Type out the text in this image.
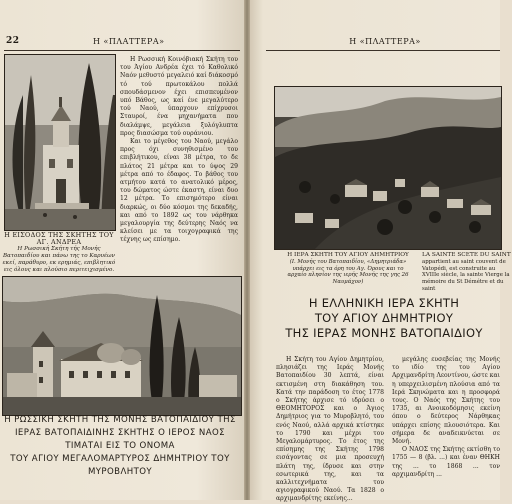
22	Η «ΠΛΑΤΤΕΡΑ»
Η ΕΙΣΟΔΟΣ ΤΗΣ ΣΚΗΤΗΣ ΤΟΥ ΑΓ. ΑΝΔΡΕΑ
Η Ρωσσική Σκήτη τής Μονής Βατοπαιδίου και πάνω της το Καρυέων εκεί, παράθυρο, εκ ερημιάς, επιβλητικό εις όλους και πλούσιο περιτειχισμένο.

Η Ρωσσική Κοινόβιακή Σκήτη του του Άγίου Ανδρέα έχει τό Καθολικό Ναόν μεθυστό μεγαλειό καί διάκοσμό τό τού πρωτοκάλου πολλά σπουδάσμενον έχει επισπευμένον υπό Βάθος, ως καί ένε μεγαλύτερο τού Ναού, ύπαρχουν επίχρυσοι Σταυροί, ένα μηχανήματα που διαλάμψε, μεγάλεια ξυλόγλυπτα προς διασώσμα τού ουράνιου.

Και το μέγεθος του Ναού, μεγάλο προς όχι συνηθισμένο του επιβλήτικου, είναι 38 μέτρα, το δε πλάτος 21 μέτρα και το ύψος 29 μέτρα από το έδαφος. Το βάθος του ατμήτου κατά το ανατολικό μέρος, του δώματος ώστε έκαστη, είναι δυο 12 μέτρα. Το επισημότερο είναι διαρκώς, οι δύο κόσμοι της δεκαδής, και από το 1892 ως του νάρθηκα μεγαλουργία της δεύτερης Ναός να κλείσει με τα τοιχογραφικά της τέχνης ως επίσημο.

Η ΡΩΣΣΙΚΗ ΣΚΗΤΗ ΤΗΣ ΜΟΝΗΣ ΒΑΤΟΠΑΙΔΙΟΥ ΤΗΣ ΙΕΡΑΣ ΒΑΤΟΠΑΙΔΙΝΗΣ ΣΚΗΤΗΣ Ο ΙΕΡΟΣ ΝΑΟΣ ΤΙΜΑΤΑΙ ΕΙΣ ΤΟ ΟΝΟΜΑ
ΤΟΥ ΑΓΙΟΥ ΜΕΓΑΛΟΜΑΡΤΥΡΟΣ ΔΗΜΗΤΡΙΟΥ ΤΟΥ ΜΥΡΟΒΛΗΤΟΥ
Η «ΠΛΑΤΤΕΡΑ»
Η ΙΕΡΑ ΣΚΗΤΗ ΤΟΥ ΑΓΙΟΥ ΔΗΜΗΤΡΙΟΥ
(Ι. Μονής του Βατοπαιδίου, «Δημητριάδα» υπάρχει εις τα όρη του Αγ. Όρους και το αρχαίο πλησίον της ιερής Μονής της γης 26 Ναυμάχον)
LA SAINTE SCETE DU SAINT
appartient au saint couvent de Vatopédi, est construite au XVIIIe siècle, la sainte Vierge la mémoire du St Démétre et du saint
Η ΕΛΛΗΝΙΚΗ ΙΕΡΑ ΣΚΗΤΗ
ΤΟΥ ΑΓΙΟΥ ΔΗΜΗΤΡΙΟΥ
ΤΗΣ ΙΕΡΑΣ ΜΟΝΗΣ ΒΑΤΟΠΑΙΔΙΟΥ

Η Σκήτη του Αγίου Δημητρίου, πλησιάζει της Ιεράς Μονής Βατοπαιδίου 30 λεπτά, είναι εκτισμένη στη διακάθηση του. Κατά την παράδοση το έτος 1778 ο Σκήτης άρχισε τό ιδρύσει ο ΘΕΟΜΗΤΟΡΟΣ και ο Άγιος Δημήτριος για το Μυροβλητό, του ενός Ναού, αλλά αρχικά κτίστηκε το 1790 και μέχρι του Μεγαλομάρτυρος. Το έτος της επίσημης της Σκήτης 1798 εισάγοντας σε μια προσευχή πλάτη της, ίδρυσε και στην εσωτερικά της, και τα καλλιτεχνήματα του αγιογραφικού Ναού. Τα 1828 ο αρχιμανδρίτης εκείνης...

μεγάλης ευσεβείας της Μονής το ιδίο της του Αγίου Αρχιμανδρίτη Λεοντίνου, ώστε και η υπερχειλισμένη πλούσια από τα Ιερά Σκηνώματα και η προσφορά τους. Ο Ναός της Σκήτης του 1735, αι Ανοικοδόμησις εκείνη όπου ο δεύτερος Νάρθηκας υπάρχει επίσης πλουσιότερα. Και σήμερα δε αναδεικνύεται σε Μονή.

Ο ΝΑΟΣ της Σκήτης εκτίσθη το 1755 — 8 (βλ. ...) και έναν ΘΗΚΗ της ... το 1868 ... τον αρχιμανδρίτη ...
